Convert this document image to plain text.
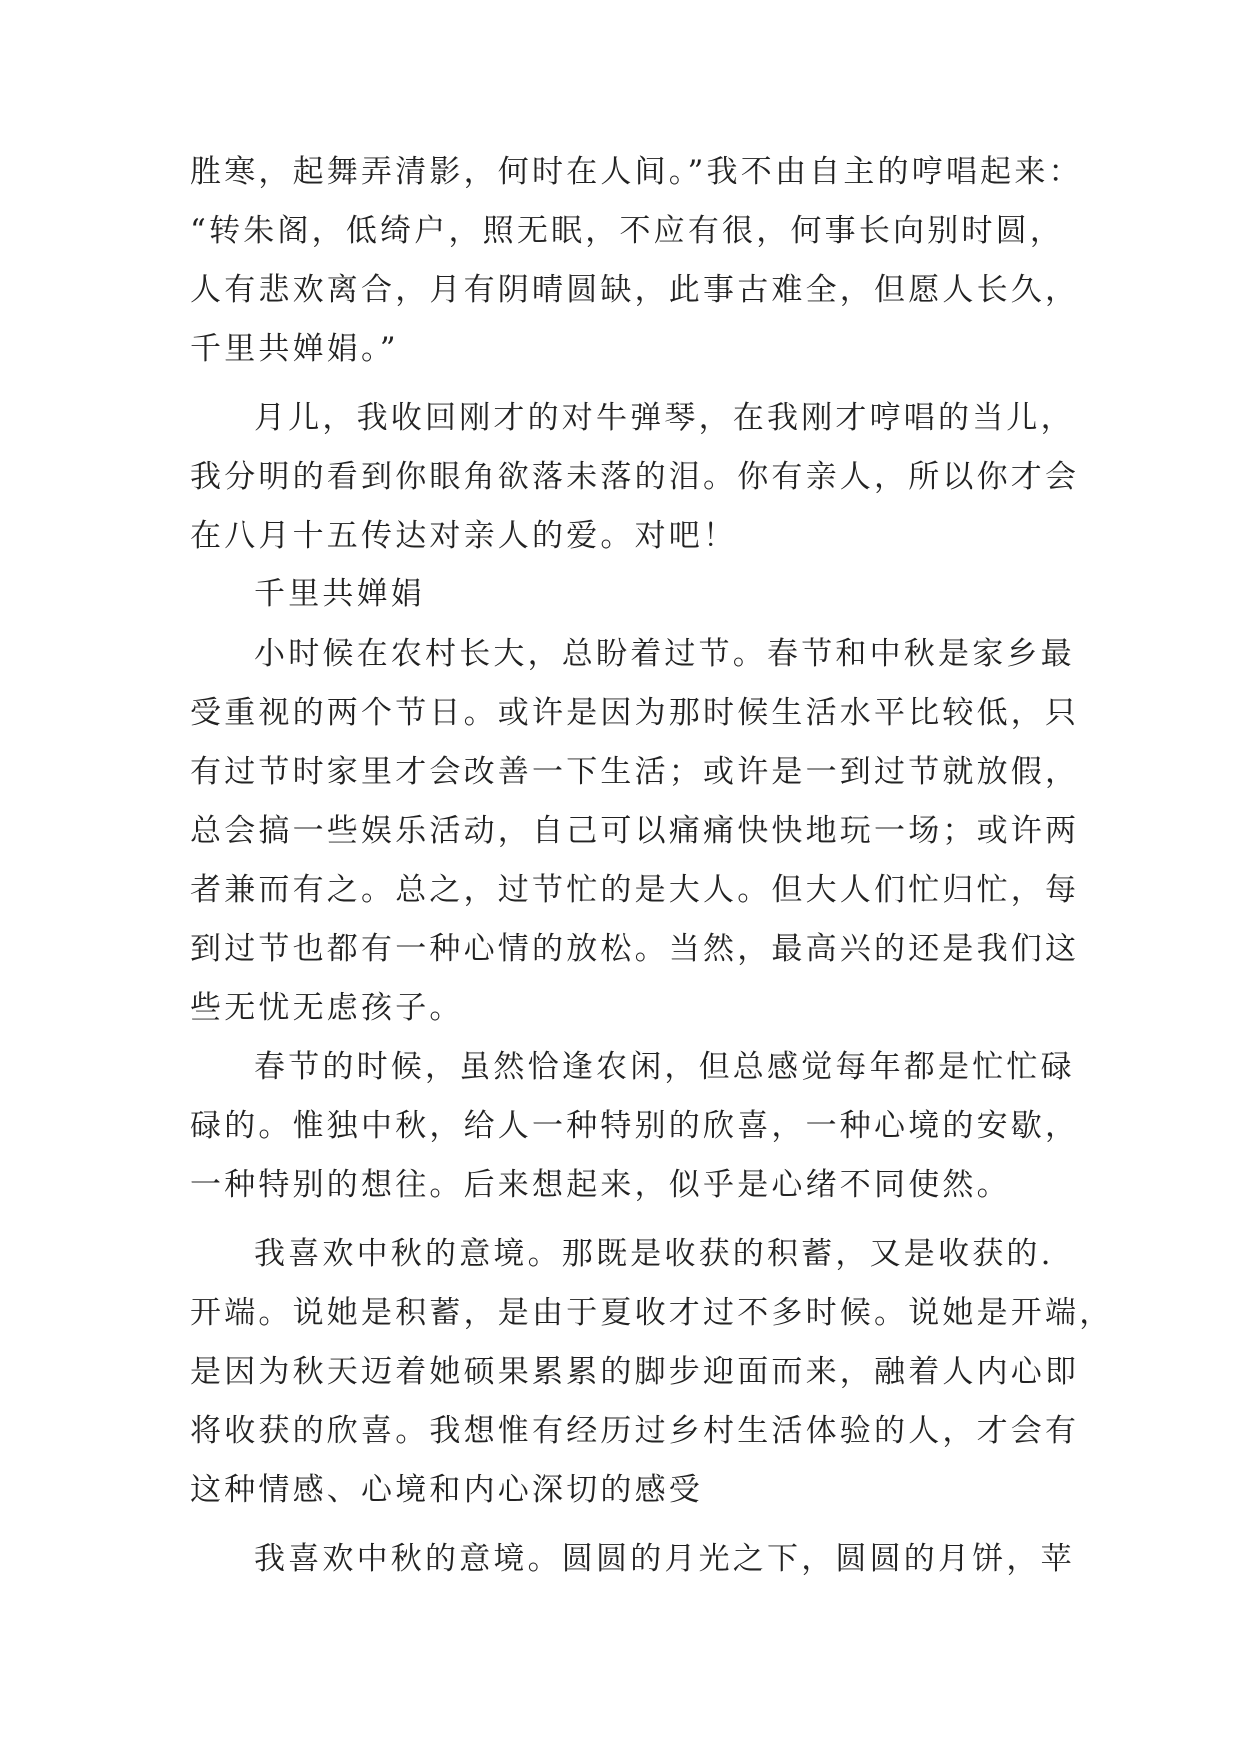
胜寒，起舞弄清影，何时在人间。”我不由自主的哼唱起来：
“转朱阁，低绮户，照无眠，不应有很，何事长向别时圆，
人有悲欢离合，月有阴晴圆缺，此事古难全，但愿人长久，
千里共婵娟。”
月儿，我收回刚才的对牛弹琴，在我刚才哼唱的当儿，
我分明的看到你眼角欲落未落的泪。你有亲人，所以你才会
在八月十五传达对亲人的爱。对吧！
千里共婵娟
小时候在农村长大，总盼着过节。春节和中秋是家乡最
受重视的两个节日。或许是因为那时候生活水平比较低，只
有过节时家里才会改善一下生活；或许是一到过节就放假，
总会搞一些娱乐活动，自己可以痛痛快快地玩一场；或许两
者兼而有之。总之，过节忙的是大人。但大人们忙归忙，每
到过节也都有一种心情的放松。当然，最高兴的还是我们这
些无忧无虑孩子。
春节的时候，虽然恰逢农闲，但总感觉每年都是忙忙碌
碌的。惟独中秋，给人一种特别的欣喜，一种心境的安歇，
一种特别的想往。后来想起来，似乎是心绪不同使然。
我喜欢中秋的意境。那既是收获的积蓄，又是收获的.
开端。说她是积蓄，是由于夏收才过不多时候。说她是开端，
是因为秋天迈着她硕果累累的脚步迎面而来，融着人内心即
将收获的欣喜。我想惟有经历过乡村生活体验的人，才会有
这种情感、心境和内心深切的感受
我喜欢中秋的意境。圆圆的月光之下，圆圆的月饼，苹
